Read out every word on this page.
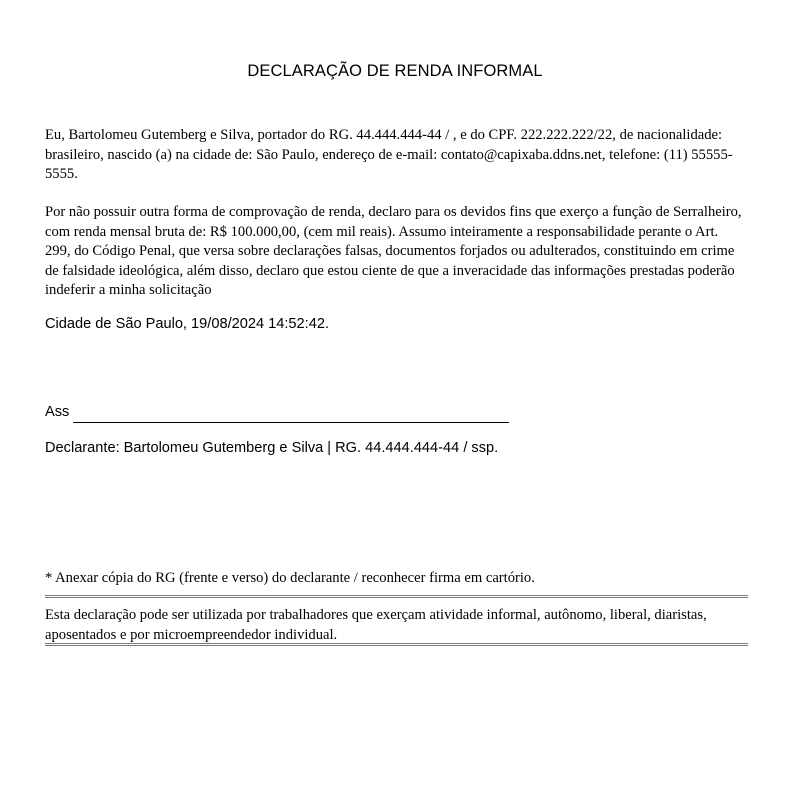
DECLARAÇÃO DE RENDA INFORMAL

Eu, Bartolomeu Gutemberg e Silva, portador do RG. 44.444.444-44 / , e do CPF. 222.222.222/22, de nacionalidade: brasileiro, nascido (a) na cidade de: São Paulo, endereço de e-mail: contato@capixaba.ddns.net, telefone: (11) 55555-5555.

Por não possuir outra forma de comprovação de renda, declaro para os devidos fins que exerço a função de Serralheiro, com renda mensal bruta de: R$ 100.000,00, (cem mil reais). Assumo inteiramente a responsabilidade perante o Art. 299, do Código Penal, que versa sobre declarações falsas, documentos forjados ou adulterados, constituindo em crime de falsidade ideológica, além disso, declaro que estou ciente de que a inveracidade das informações prestadas poderão indeferir a minha solicitação

Cidade de São Paulo, 19/08/2024 14:52:42.

Ass

Declarante: Bartolomeu Gutemberg e Silva | RG. 44.444.444-44 / ssp.

* Anexar cópia do RG (frente e verso) do declarante / reconhecer firma em cartório.

Esta declaração pode ser utilizada por trabalhadores que exerçam atividade informal, autônomo, liberal, diaristas, aposentados e por microempreendedor individual.
